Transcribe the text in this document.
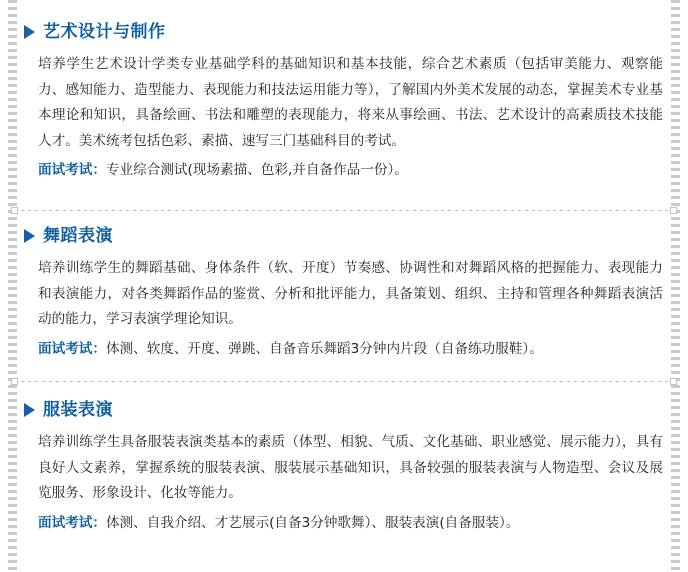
艺术设计与制作

培养学生艺术设计学类专业基础学科的基础知识和基本技能，综合艺术素质（包括审美能力、观察能力、感知能力、造型能力、表现能力和技法运用能力等），了解国内外美术发展的动态，掌握美术专业基本理论和知识，具备绘画、书法和雕塑的表现能力，将来从事绘画、书法、艺术设计的高素质技术技能人才。美术统考包括色彩、素描、速写三门基础科目的考试。

面试考试：专业综合测试(现场素描、色彩,并自备作品一份）。
舞蹈表演

培养训练学生的舞蹈基础、身体条件（软、开度）节奏感、协调性和对舞蹈风格的把握能力、表现能力和表演能力，对各类舞蹈作品的鉴赏、分析和批评能力，具备策划、组织、主持和管理各种舞蹈表演活动的能力，学习表演学理论知识。

面试考试：体测、软度、开度、弹跳、自备音乐舞蹈3分钟内片段（自备练功服鞋）。
服装表演

培养训练学生具备服装表演类基本的素质（体型、相貌、气质、文化基础、职业感觉、展示能力），具有良好人文素养，掌握系统的服装表演、服装展示基础知识，具备较强的服装表演与人物造型、会议及展览服务、形象设计、化妆等能力。

面试考试：体测、自我介绍、才艺展示(自备3分钟歌舞）、服装表演(自备服装）。
